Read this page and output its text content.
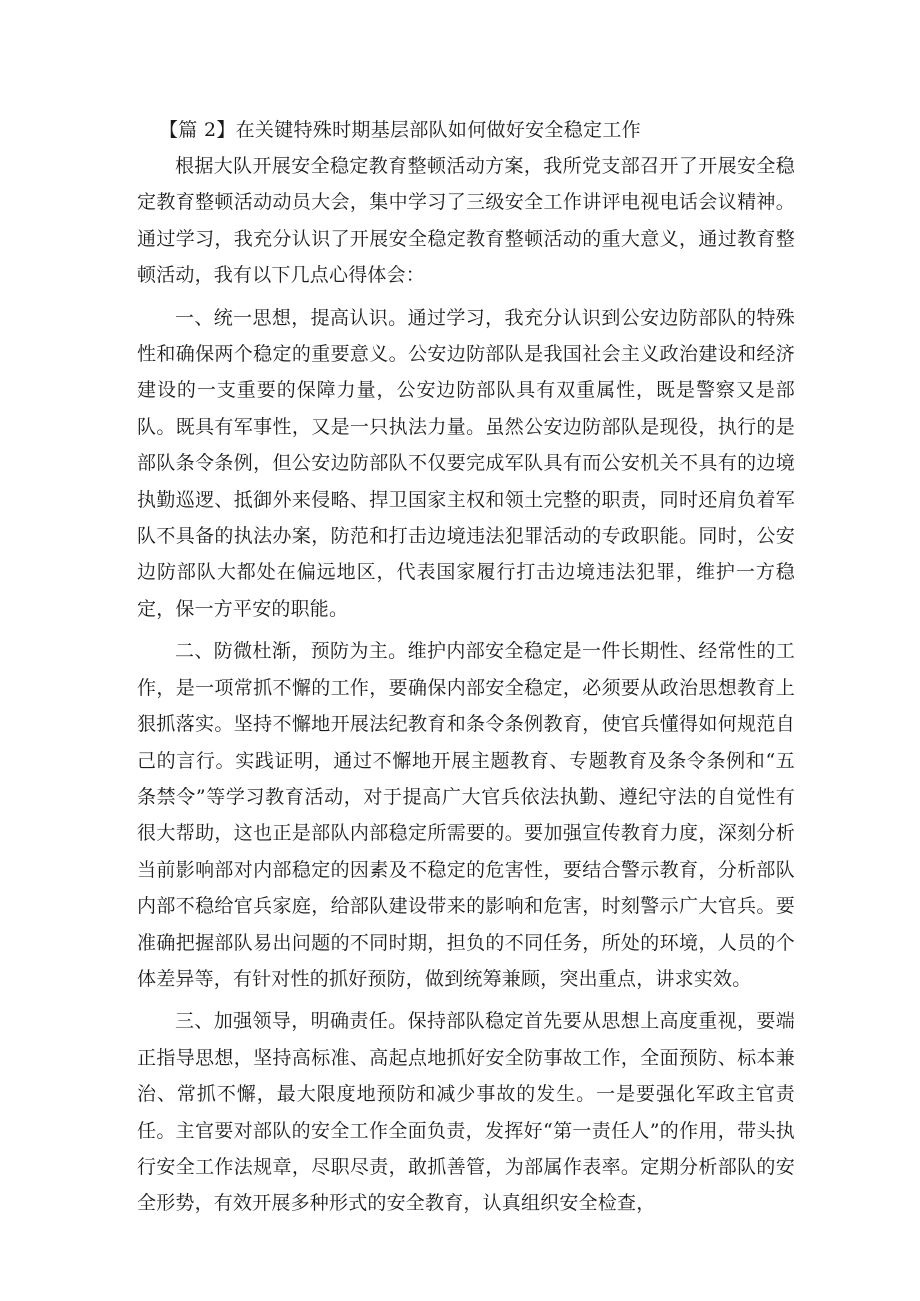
【篇 2】在关键特殊时期基层部队如何做好安全稳定工作

根据大队开展安全稳定教育整顿活动方案，我所党支部召开了开展安全稳定教育整顿活动动员大会，集中学习了三级安全工作讲评电视电话会议精神。通过学习，我充分认识了开展安全稳定教育整顿活动的重大意义，通过教育整顿活动，我有以下几点心得体会：

一、统一思想，提高认识。通过学习，我充分认识到公安边防部队的特殊性和确保两个稳定的重要意义。公安边防部队是我国社会主义政治建设和经济建设的一支重要的保障力量，公安边防部队具有双重属性，既是警察又是部队。既具有军事性，又是一只执法力量。虽然公安边防部队是现役，执行的是部队条令条例，但公安边防部队不仅要完成军队具有而公安机关不具有的边境执勤巡逻、抵御外来侵略、捍卫国家主权和领土完整的职责，同时还肩负着军队不具备的执法办案，防范和打击边境违法犯罪活动的专政职能。同时，公安边防部队大都处在偏远地区，代表国家履行打击边境违法犯罪，维护一方稳定，保一方平安的职能。

二、防微杜渐，预防为主。维护内部安全稳定是一件长期性、经常性的工作，是一项常抓不懈的工作，要确保内部安全稳定，必须要从政治思想教育上狠抓落实。坚持不懈地开展法纪教育和条令条例教育，使官兵懂得如何规范自己的言行。实践证明，通过不懈地开展主题教育、专题教育及条令条例和“五条禁令”等学习教育活动，对于提高广大官兵依法执勤、遵纪守法的自觉性有很大帮助，这也正是部队内部稳定所需要的。要加强宣传教育力度，深刻分析当前影响部对内部稳定的因素及不稳定的危害性，要结合警示教育，分析部队内部不稳给官兵家庭，给部队建设带来的影响和危害，时刻警示广大官兵。要准确把握部队易出问题的不同时期，担负的不同任务，所处的环境，人员的个体差异等，有针对性的抓好预防，做到统筹兼顾，突出重点，讲求实效。

三、加强领导，明确责任。保持部队稳定首先要从思想上高度重视，要端正指导思想，坚持高标准、高起点地抓好安全防事故工作，全面预防、标本兼治、常抓不懈，最大限度地预防和减少事故的发生。一是要强化军政主官责任。主官要对部队的安全工作全面负责，发挥好“第一责任人”的作用，带头执行安全工作法规章，尽职尽责，敢抓善管，为部属作表率。定期分析部队的安全形势，有效开展多种形式的安全教育，认真组织安全检查，
